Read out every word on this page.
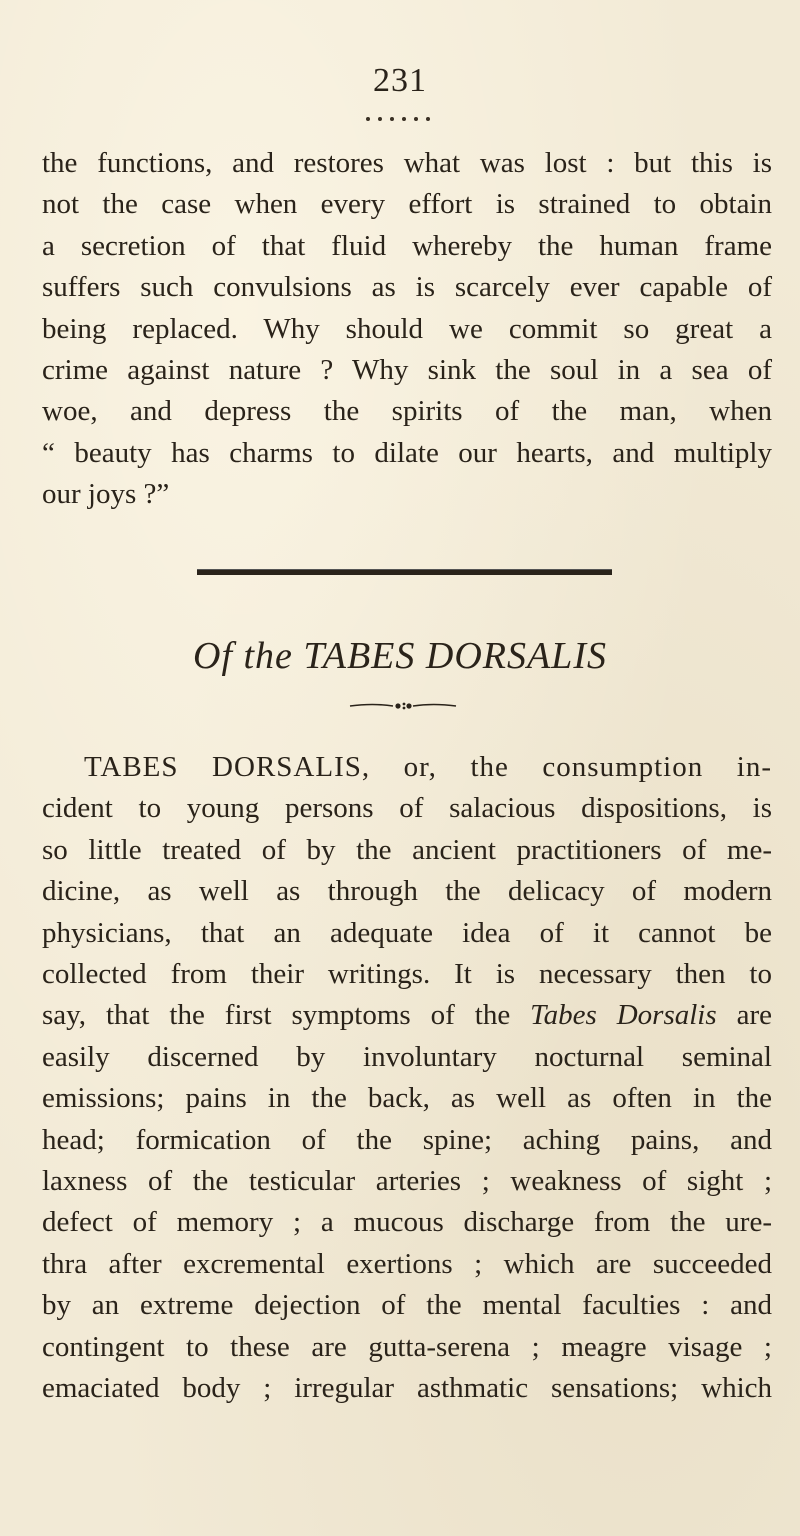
231
the functions, and restores what was lost : but this is
not the case when every effort is strained to obtain
a secretion of that fluid whereby the human frame
suffers such convulsions as is scarcely ever capable of
being replaced. Why should we commit so great a
crime against nature ? Why sink the soul in a sea of
woe, and depress the spirits of the man, when
“ beauty has charms to dilate our hearts, and multiply
our joys ?”
Of the TABES DORSALIS
TABES DORSALIS, or, the consumption in-
cident to young persons of salacious dispositions, is
so little treated of by the ancient practitioners of me-
dicine, as well as through the delicacy of modern
physicians, that an adequate idea of it cannot be
collected from their writings. It is necessary then to
say, that the first symptoms of the Tabes Dorsalis are
easily discerned by involuntary nocturnal seminal
emissions; pains in the back, as well as often in the
head; formication of the spine; aching pains, and
laxness of the testicular arteries ; weakness of sight ;
defect of memory ; a mucous discharge from the ure-
thra after excremental exertions ; which are succeeded
by an extreme dejection of the mental faculties : and
contingent to these are gutta-serena ; meagre visage ;
emaciated body ; irregular asthmatic sensations; which
